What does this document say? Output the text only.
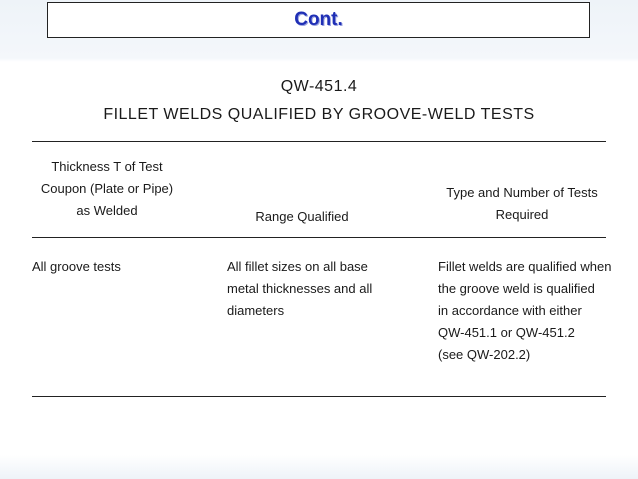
Cont.
QW-451.4
FILLET WELDS QUALIFIED BY GROOVE-WELD TESTS
Thickness T of Test
Coupon (Plate or Pipe)
as Welded	Range Qualified
Type and Number of Tests
Required
All groove tests	All fillet sizes on all base
metal thicknesses and all
diameters
Fillet welds are qualified when
the groove weld is qualified
in accordance with either
QW-451.1 or QW-451.2
(see QW-202.2)
